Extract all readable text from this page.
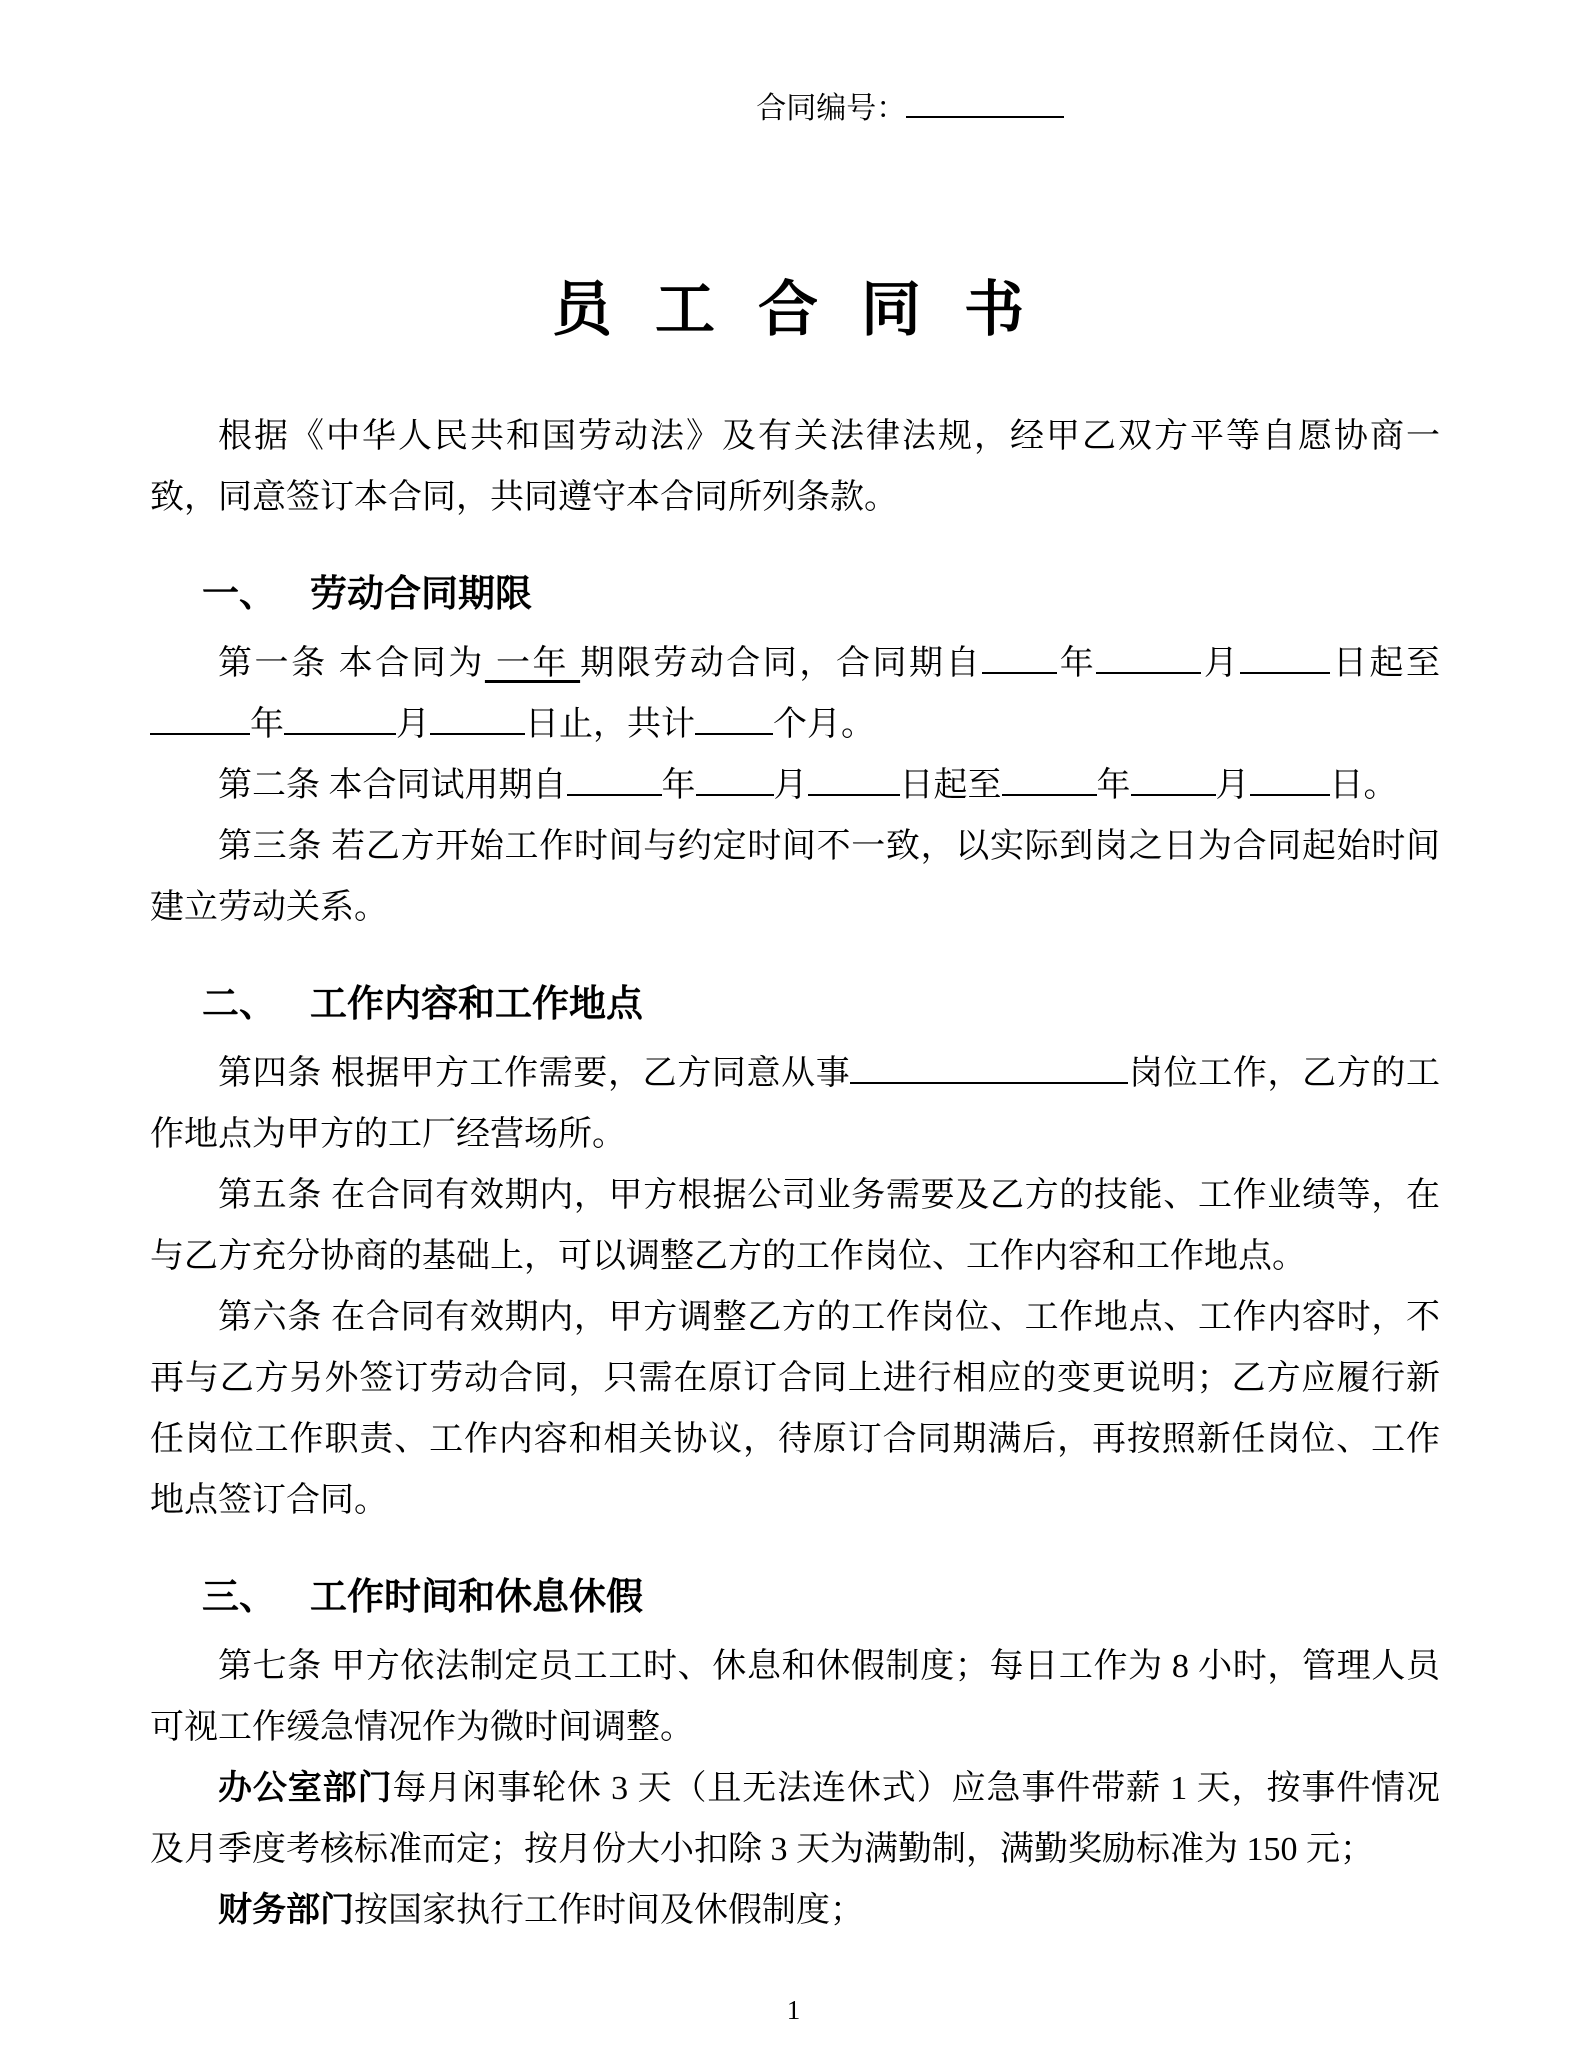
合同编号：
员 工 合 同 书

根据《中华人民共和国劳动法》及有关法律法规，经甲乙双方平等自愿协商一致，同意签订本合同，共同遵守本合同所列条款。

一、 劳动合同期限

第一条 本合同为 一年 期限劳动合同，合同期自 年	月	日起至年	月	日止，共计 个月。

第二条 本合同试用期自	年 月	日起至	年	月 日。

第三条 若乙方开始工作时间与约定时间不一致，以实际到岗之日为合同起始时间建立劳动关系。

二、 工作内容和工作地点

第四条 根据甲方工作需要，乙方同意从事	岗位工作，乙方的工作地点为甲方的工厂经营场所。

第五条 在合同有效期内，甲方根据公司业务需要及乙方的技能、工作业绩等，在与乙方充分协商的基础上，可以调整乙方的工作岗位、工作内容和工作地点。

第六条 在合同有效期内，甲方调整乙方的工作岗位、工作地点、工作内容时，不再与乙方另外签订劳动合同，只需在原订合同上进行相应的变更说明；乙方应履行新任岗位工作职责、工作内容和相关协议，待原订合同期满后，再按照新任岗位、工作地点签订合同。

三、 工作时间和休息休假

第七条 甲方依法制定员工工时、休息和休假制度；每日工作为 8 小时，管理人员可视工作缓急情况作为微时间调整。

办公室部门每月闲事轮休 3 天（且无法连休式）应急事件带薪 1 天，按事件情况及月季度考核标准而定；按月份大小扣除 3 天为满勤制，满勤奖励标准为 150 元；

财务部门按国家执行工作时间及休假制度；

1
